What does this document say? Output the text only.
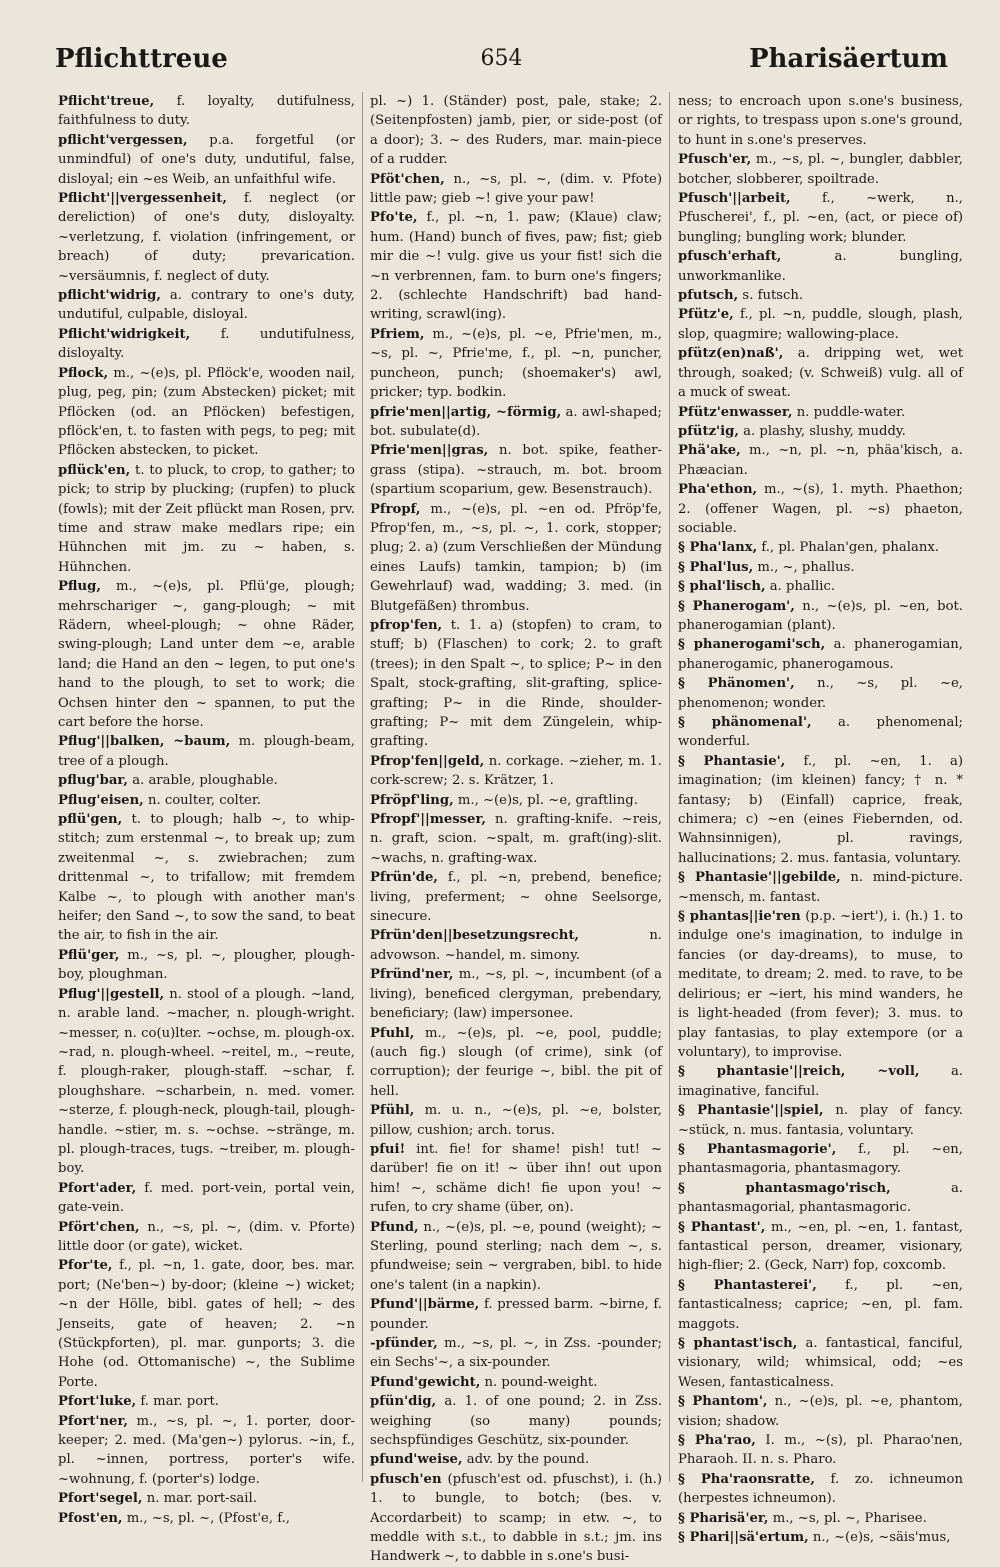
Pflichttreue	654	Pharisäertum

Pflicht'treue, f. loyalty, dutifulness, faithfulness to duty.

pflicht'vergessen, p.a. forgetful (or unmindful) of one's duty, undutiful, false, disloyal; ein ~es Weib, an unfaithful wife.

Pflicht'||vergessenheit, f. neglect (or dereliction) of one's duty, disloyalty. ~verletzung, f. violation (infringement, or breach) of duty; prevarication. ~versäumnis, f. neglect of duty.

pflicht'widrig, a. contrary to one's duty, undutiful, culpable, disloyal.

Pflicht'widrigkeit, f. undutifulness, disloyalty.

Pflock, m., ~(e)s, pl. Pflöck'e, wooden nail, plug, peg, pin; (zum Abstecken) picket; mit Pflöcken (od. an Pflöcken) befestigen, pflöck'en, t. to fasten with pegs, to peg; mit Pflöcken abstecken, to picket.

pflück'en, t. to pluck, to crop, to gather; to pick; to strip by plucking; (rupfen) to pluck (fowls); mit der Zeit pflückt man Rosen, prv. time and straw make medlars ripe; ein Hühnchen mit jm. zu ~ haben, s. Hühnchen.

Pflug, m., ~(e)s, pl. Pflü'ge, plough; mehrschariger ~, gang-plough; ~ mit Rädern, wheel-plough; ~ ohne Räder, swing-plough; Land unter dem ~e, arable land; die Hand an den ~ legen, to put one's hand to the plough, to set to work; die Ochsen hinter den ~ spannen, to put the cart before the horse.

Pflug'||balken, ~baum, m. plough-beam, tree of a plough.

pflug'bar, a. arable, ploughable.

Pflug'eisen, n. coulter, colter.

pflü'gen, t. to plough; halb ~, to whip-stitch; zum erstenmal ~, to break up; zum zweitenmal ~, s. zwiebrachen; zum drittenmal ~, to trifallow; mit fremdem Kalbe ~, to plough with another man's heifer; den Sand ~, to sow the sand, to beat the air, to fish in the air.

Pflü'ger, m., ~s, pl. ~, plougher, plough-boy, ploughman.

Pflug'||gestell, n. stool of a plough. ~land, n. arable land. ~macher, n. plough-wright. ~messer, n. co(u)lter. ~ochse, m. plough-ox. ~rad, n. plough-wheel. ~reitel, m., ~reute, f. plough-raker, plough-staff. ~schar, f. ploughshare. ~scharbein, n. med. vomer. ~sterze, f. plough-neck, plough-tail, plough-handle. ~stier, m. s. ~ochse. ~stränge, m. pl. plough-traces, tugs. ~treiber, m. plough-boy.

Pfort'ader, f. med. port-vein, portal vein, gate-vein.

Pfört'chen, n., ~s, pl. ~, (dim. v. Pforte) little door (or gate), wicket.

Pfor'te, f., pl. ~n, 1. gate, door, bes. mar. port; (Ne'ben~) by-door; (kleine ~) wicket; ~n der Hölle, bibl. gates of hell; ~ des Jenseits, gate of heaven; 2. ~n (Stückpforten), pl. mar. gunports; 3. die Hohe (od. Ottomanische) ~, the Sublime Porte.

Pfort'luke, f. mar. port.

Pfort'ner, m., ~s, pl. ~, 1. porter, door-keeper; 2. med. (Ma'gen~) pylorus. ~in, f., pl. ~innen, portress, porter's wife. ~wohnung, f. (porter's) lodge.

Pfort'segel, n. mar. port-sail.

Pfost'en, m., ~s, pl. ~, (Pfost'e, f.,

pl. ~) 1. (Ständer) post, pale, stake; 2. (Seitenpfosten) jamb, pier, or side-post (of a door); 3. ~ des Ruders, mar. main-piece of a rudder.

Pföt'chen, n., ~s, pl. ~, (dim. v. Pfote) little paw; gieb ~! give your paw!

Pfo'te, f., pl. ~n, 1. paw; (Klaue) claw; hum. (Hand) bunch of fives, paw; fist; gieb mir die ~! vulg. give us your fist! sich die ~n verbrennen, fam. to burn one's fingers; 2. (schlechte Handschrift) bad hand-writing, scrawl(ing).

Pfriem, m., ~(e)s, pl. ~e, Pfrie'men, m., ~s, pl. ~, Pfrie'me, f., pl. ~n, puncher, puncheon, punch; (shoemaker's) awl, pricker; typ. bodkin.

pfrie'men||artig, ~förmig, a. awl-shaped; bot. subulate(d).

Pfrie'men||gras, n. bot. spike, feather-grass (stipa). ~strauch, m. bot. broom (spartium scoparium, gew. Besenstrauch).

Pfropf, m., ~(e)s, pl. ~en od. Pfröp'fe, Pfrop'fen, m., ~s, pl. ~, 1. cork, stopper; plug; 2. a) (zum Verschließen der Mündung eines Laufs) tamkin, tampion; b) (im Gewehrlauf) wad, wadding; 3. med. (in Blutgefäßen) thrombus.

pfrop'fen, t. 1. a) (stopfen) to cram, to stuff; b) (Flaschen) to cork; 2. to graft (trees); in den Spalt ~, to splice; P~ in den Spalt, stock-grafting, slit-grafting, splice-grafting; P~ in die Rinde, shoulder-grafting; P~ mit dem Züngelein, whip-grafting.

Pfrop'fen||geld, n. corkage. ~zieher, m. 1. cork-screw; 2. s. Krätzer, 1.

Pfröpf'ling, m., ~(e)s, pl. ~e, graftling.

Pfropf'||messer, n. grafting-knife. ~reis, n. graft, scion. ~spalt, m. graft(ing)-slit. ~wachs, n. grafting-wax.

Pfrün'de, f., pl. ~n, prebend, benefice; living, preferment; ~ ohne Seelsorge, sinecure.

Pfrün'den||besetzungsrecht,	n. advowson. ~handel, m. simony.

Pfründ'ner, m., ~s, pl. ~, incumbent (of a living), beneficed clergyman, prebendary, beneficiary; (law) impersonee.

Pfuhl, m., ~(e)s, pl. ~e, pool, puddle; (auch fig.) slough (of crime), sink (of corruption); der feurige ~, bibl. the pit of hell.

Pfühl, m. u. n., ~(e)s, pl. ~e, bolster, pillow, cushion; arch. torus.

pfui! int. fie! for shame! pish! tut! ~ darüber! fie on it! ~ über ihn! out upon him! ~, schäme dich! fie upon you! ~ rufen, to cry shame (über, on).

Pfund, n., ~(e)s, pl. ~e, pound (weight); ~ Sterling, pound sterling; nach dem ~, s. pfundweise; sein ~ vergraben, bibl. to hide one's talent (in a napkin).

Pfund'||bärme, f. pressed barm. ~birne, f. pounder.

-pfünder, m., ~s, pl. ~, in Zss. -pounder; ein Sechs'~, a six-pounder.

Pfund'gewicht, n. pound-weight.

pfün'dig, a. 1. of one pound; 2. in Zss. weighing (so many) pounds; sechspfündiges Geschütz, six-pounder.

pfund'weise, adv. by the pound.

pfusch'en (pfusch'est od. pfuschst), i. (h.) 1. to bungle, to botch; (bes. v. Accordarbeit) to scamp; in etw. ~, to meddle with s.t., to dabble in s.t.; jm. ins Handwerk ~, to dabble in s.one's busi-

ness; to encroach upon s.one's business, or rights, to trespass upon s.one's ground, to hunt in s.one's preserves.

Pfusch'er, m., ~s, pl. ~, bungler, dabbler, botcher, slobberer, spoiltrade.

Pfusch'||arbeit, f., ~werk, n., Pfuscherei', f., pl. ~en, (act, or piece of) bungling; bungling work; blunder.

pfusch'erhaft,	a. bungling, unworkmanlike.

pfutsch, s. futsch.

Pfütz'e, f., pl. ~n, puddle, slough, plash, slop, quagmire; wallowing-place.

pfütz(en)naß', a. dripping wet, wet through, soaked; (v. Schweiß) vulg. all of a muck of sweat.

Pfütz'enwasser, n. puddle-water.

pfütz'ig, a. plashy, slushy, muddy.

Phä'ake, m., ~n, pl. ~n, phäa'kisch, a. Phæacian.

Pha'ethon, m., ~(s), 1. myth. Phaethon; 2. (offener Wagen, pl. ~s) phaeton, sociable.

§ Pha'lanx, f., pl. Phalan'gen, phalanx.

§ Phal'lus, m., ~, phallus.

§ phal'lisch, a. phallic.

§ Phanerogam', n., ~(e)s, pl. ~en, bot. phanerogamian (plant).

§ phanerogami'sch, a. phanerogamian, phanerogamic, phanerogamous.

§ Phänomen', n., ~s, pl. ~e, phenomenon; wonder.

§ phänomenal', a. phenomenal; wonderful.

§ Phantasie', f., pl. ~en, 1. a) imagination; (im kleinen) fancy; † n. * fantasy; b) (Einfall) caprice, freak, chimera; c) ~en (eines Fiebernden, od. Wahnsinnigen), pl. ravings, hallucinations; 2. mus. fantasia, voluntary.

§ Phantasie'||gebilde, n. mind-picture. ~mensch, m. fantast.

§ phantas||ie'ren (p.p. ~iert'), i. (h.) 1. to indulge one's imagination, to indulge in fancies (or day-dreams), to muse, to meditate, to dream; 2. med. to rave, to be delirious; er ~iert, his mind wanders, he is light-headed (from fever); 3. mus. to play fantasias, to play extempore (or a voluntary), to improvise.

§ phantasie'||reich, ~voll, a. imaginative, fanciful.

§ Phantasie'||spiel, n. play of fancy. ~stück, n. mus. fantasia, voluntary.

§ Phantasmagorie', f., pl. ~en, phantasmagoria, phantasmagory.

§ phantasmago'risch,	a. phantasmagorial, phantasmagoric.

§ Phantast', m., ~en, pl. ~en, 1. fantast, fantastical person, dreamer, visionary, high-flier; 2. (Geck, Narr) fop, coxcomb.

§ Phantasterei', f., pl. ~en, fantasticalness; caprice; ~en, pl. fam. maggots.

§ phantast'isch, a. fantastical, fanciful, visionary, wild; whimsical, odd; ~es Wesen, fantasticalness.

§ Phantom', n., ~(e)s, pl. ~e, phantom, vision; shadow.

§ Pha'rao, I. m., ~(s), pl. Pharao'nen, Pharaoh. II. n. s. Pharo.

§ Pha'raonsratte, f. zo. ichneumon (herpestes ichneumon).

§ Pharisä'er, m., ~s, pl. ~, Pharisee.

§ Phari||sä'ertum, n., ~(e)s, ~säis'mus,
